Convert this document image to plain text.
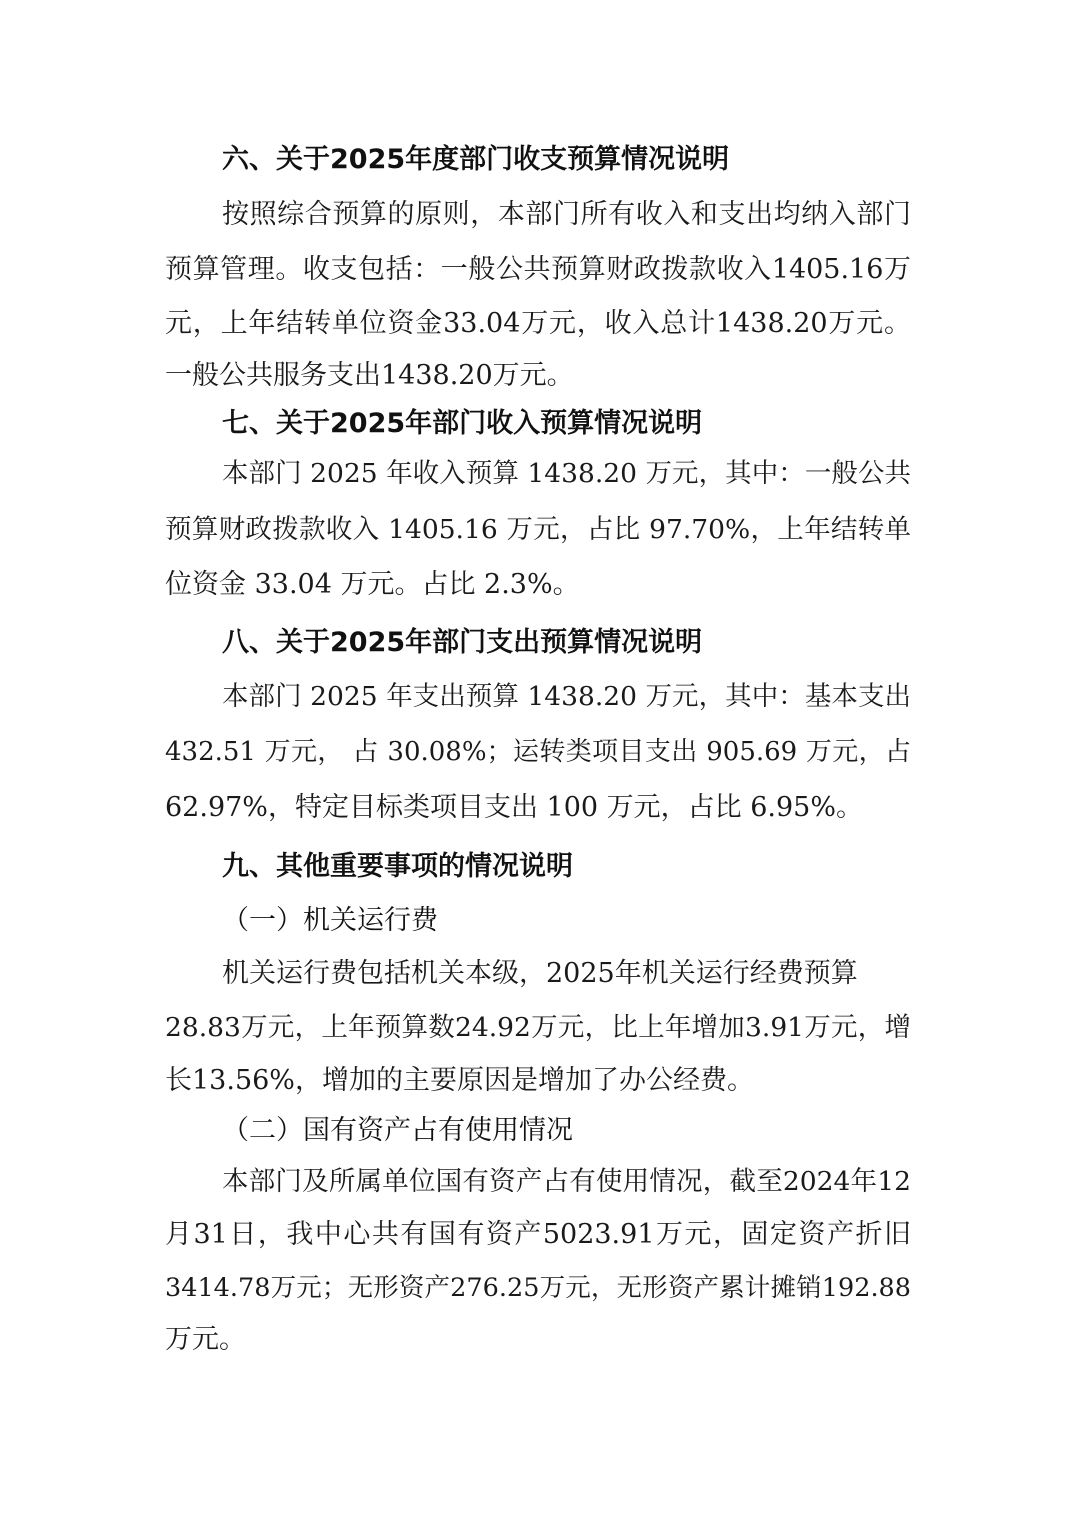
六、关于2025年度部门收支预算情况说明
按照综合预算的原则，本部门所有收入和支出均纳入部门
预算管理。收支包括：一般公共预算财政拨款收入1405.16万
元，上年结转单位资金33.04万元，收入总计1438.20万元。
一般公共服务支出1438.20万元。
七、关于2025年部门收入预算情况说明
本部门 2025 年收入预算 1438.20 万元，其中：一般公共
预算财政拨款收入 1405.16 万元，占比 97.70%，上年结转单
位资金 33.04 万元。占比 2.3%。
八、关于2025年部门支出预算情况说明
本部门 2025 年支出预算 1438.20 万元，其中：基本支出
432.51 万元， 占 30.08%；运转类项目支出 905.69 万元，占
62.97%，特定目标类项目支出 100 万元，占比 6.95%。
九、其他重要事项的情况说明
（一）机关运行费
机关运行费包括机关本级，2025年机关运行经费预算
28.83万元，上年预算数24.92万元，比上年增加3.91万元，增
长13.56%，增加的主要原因是增加了办公经费。
（二）国有资产占有使用情况
本部门及所属单位国有资产占有使用情况，截至2024年12
月31日，我中心共有国有资产5023.91万元，固定资产折旧
3414.78万元；无形资产276.25万元，无形资产累计摊销192.88
万元。
